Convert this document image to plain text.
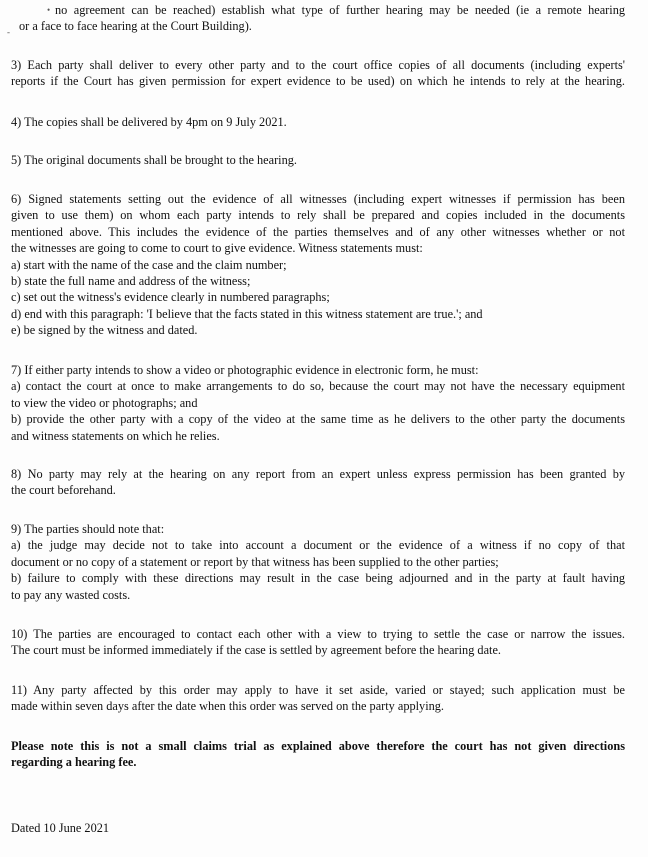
•
‐
no agreement can be reached) establish what type of further hearing may be needed (ie a remote hearing
or a face to face hearing at the Court Building).
3) Each party shall deliver to every other party and to the court office copies of all documents (including experts'
reports if the Court has given permission for expert evidence to be used) on which he intends to rely at the hearing.
4) The copies shall be delivered by 4pm on 9 July 2021.
5) The original documents shall be brought to the hearing.
6) Signed statements setting out the evidence of all witnesses (including expert witnesses if permission has been
given to use them) on whom each party intends to rely shall be prepared and copies included in the documents
mentioned above. This includes the evidence of the parties themselves and of any other witnesses whether or not
the witnesses are going to come to court to give evidence. Witness statements must:
a) start with the name of the case and the claim number;
b) state the full name and address of the witness;
c) set out the witness's evidence clearly in numbered paragraphs;
d) end with this paragraph: 'I believe that the facts stated in this witness statement are true.'; and
e) be signed by the witness and dated.
7) If either party intends to show a video or photographic evidence in electronic form, he must:
a) contact the court at once to make arrangements to do so, because the court may not have the necessary equipment
to view the video or photographs; and
b) provide the other party with a copy of the video at the same time as he delivers to the other party the documents
and witness statements on which he relies.
8) No party may rely at the hearing on any report from an expert unless express permission has been granted by
the court beforehand.
9) The parties should note that:
a) the judge may decide not to take into account a document or the evidence of a witness if no copy of that
document or no copy of a statement or report by that witness has been supplied to the other parties;
b) failure to comply with these directions may result in the case being adjourned and in the party at fault having
to pay any wasted costs.
10) The parties are encouraged to contact each other with a view to trying to settle the case or narrow the issues.
The court must be informed immediately if the case is settled by agreement before the hearing date.
11) Any party affected by this order may apply to have it set aside, varied or stayed; such application must be
made within seven days after the date when this order was served on the party applying.
Please note this is not a small claims trial as explained above therefore the court has not given directions
regarding a hearing fee.
Dated 10 June 2021
